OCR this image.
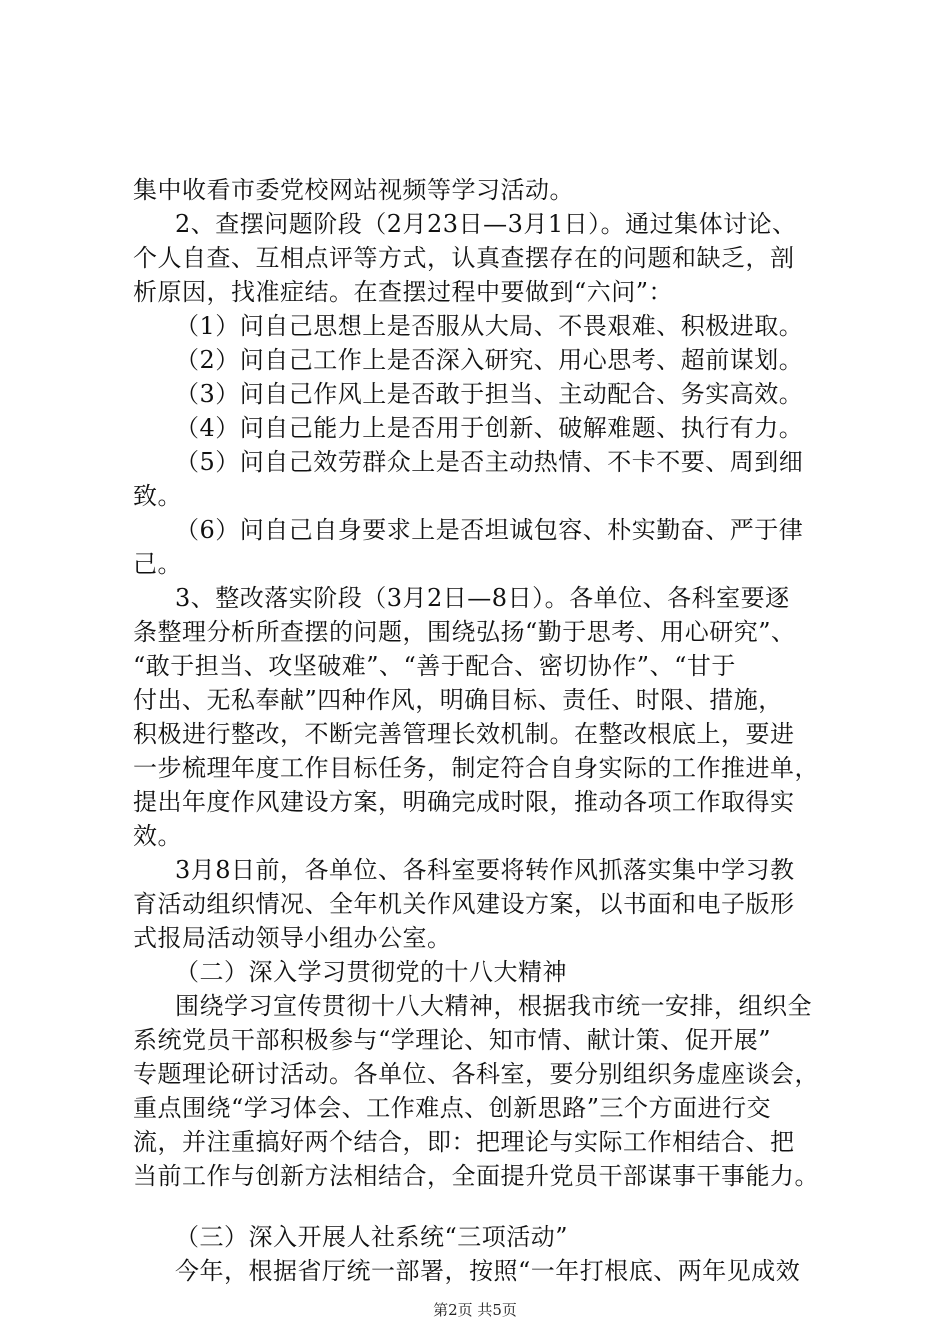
集中收看市委党校网站视频等学习活动。
2、查摆问题阶段（2月23日—3月1日）。通过集体讨论、
个人自查、互相点评等方式，认真查摆存在的问题和缺乏，剖
析原因，找准症结。在查摆过程中要做到“六问”：
（1）问自己思想上是否服从大局、不畏艰难、积极进取。
（2）问自己工作上是否深入研究、用心思考、超前谋划。
（3）问自己作风上是否敢于担当、主动配合、务实高效。
（4）问自己能力上是否用于创新、破解难题、执行有力。
（5）问自己效劳群众上是否主动热情、不卡不要、周到细
致。
（6）问自己自身要求上是否坦诚包容、朴实勤奋、严于律
己。
3、整改落实阶段（3月2日—8日）。各单位、各科室要逐
条整理分析所查摆的问题，围绕弘扬“勤于思考、用心研究”、
“敢于担当、攻坚破难”、“善于配合、密切协作”、“甘于
付出、无私奉献”四种作风，明确目标、责任、时限、措施，
积极进行整改，不断完善管理长效机制。在整改根底上，要进
一步梳理年度工作目标任务，制定符合自身实际的工作推进单，
提出年度作风建设方案，明确完成时限，推动各项工作取得实
效。
3月8日前，各单位、各科室要将转作风抓落实集中学习教
育活动组织情况、全年机关作风建设方案，以书面和电子版形
式报局活动领导小组办公室。
（二）深入学习贯彻党的十八大精神
围绕学习宣传贯彻十八大精神，根据我市统一安排，组织全
系统党员干部积极参与“学理论、知市情、献计策、促开展”
专题理论研讨活动。各单位、各科室，要分别组织务虚座谈会，
重点围绕“学习体会、工作难点、创新思路”三个方面进行交
流，并注重搞好两个结合，即：把理论与实际工作相结合、把
当前工作与创新方法相结合，全面提升党员干部谋事干事能力。
（三）深入开展人社系统“三项活动”
今年，根据省厅统一部署，按照“一年打根底、两年见成效
第2页 共5页
